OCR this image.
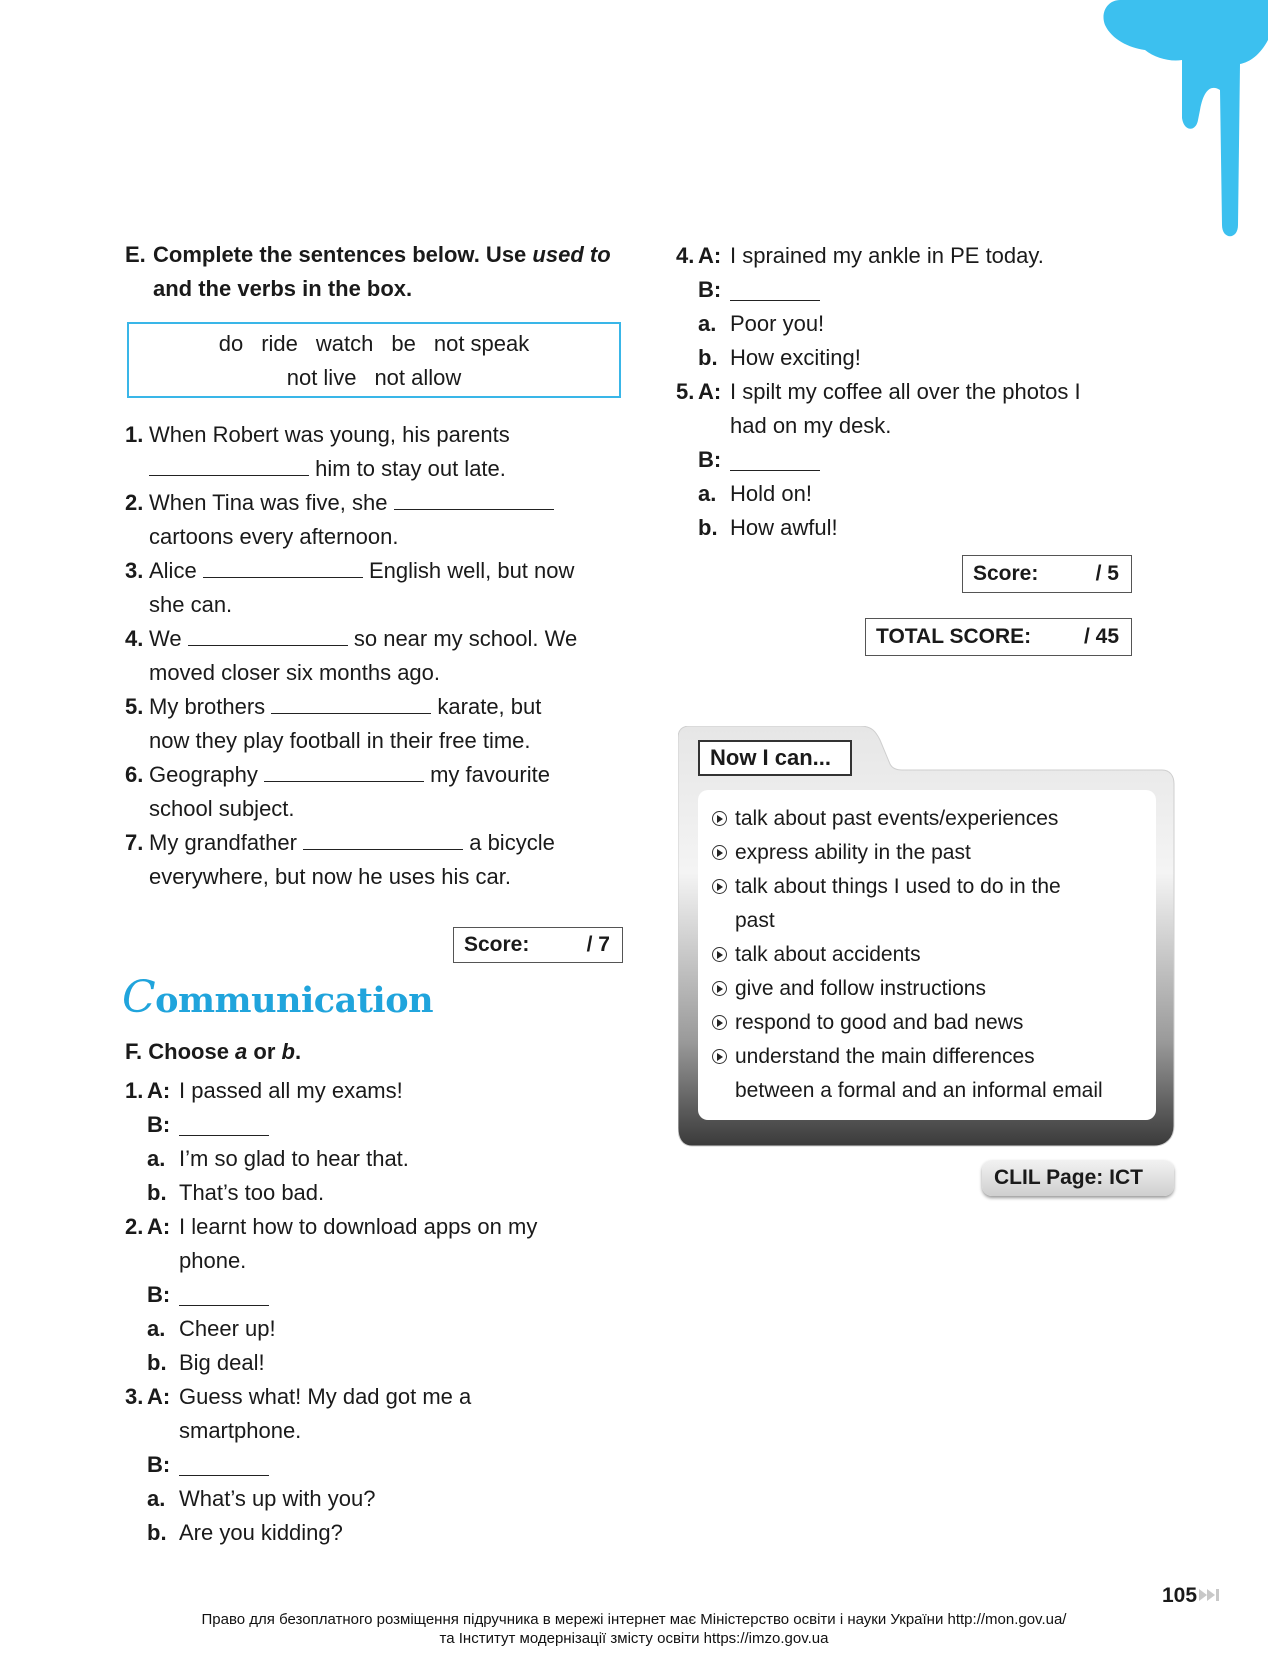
E. Complete the sentences below. Use used to
and the verbs in the box.
do ride watch be not speak
not live not allow
1. When Robert was young, his parents
him to stay out late.
2. When Tina was five, she
cartoons every afternoon.
3. Alice	English well, but now
she can.
4. We	so near my school. We
moved closer six months ago.
5. My brothers	karate, but
now they play football in their free time.
6. Geography	my favourite
school subject.
7. My grandfather	a bicycle
everywhere, but now he uses his car.
Score:	/ 7
Communication
F. Choose a or b.
1. A: I passed all my exams!
B:
a. I’m so glad to hear that.
b. That’s too bad.
2. A: I learnt how to download apps on my
phone.
B:
a. Cheer up!
b. Big deal!
3. A: Guess what! My dad got me a
smartphone.
B:
a. What’s up with you?
b. Are you kidding?
4. A: I sprained my ankle in PE today.
B:
a. Poor you!
b. How exciting!
5. A: I spilt my coffee all over the photos I
had on my desk.
B:
a. Hold on!
b. How awful!
Score:	/ 5
TOTAL SCORE:	/ 45
Now I can...
talk about past events/experiences
express ability in the past
talk about things I used to do in the
past
talk about accidents
give and follow instructions
respond to good and bad news
understand the main differences
between a formal and an informal email
CLIL Page: ICT
105
Право для безоплатного розміщення підручника в мережі інтернет має Міністерство освіти і науки України http://mon.gov.ua/
та Інститут модернізації змісту освіти https://imzo.gov.ua
